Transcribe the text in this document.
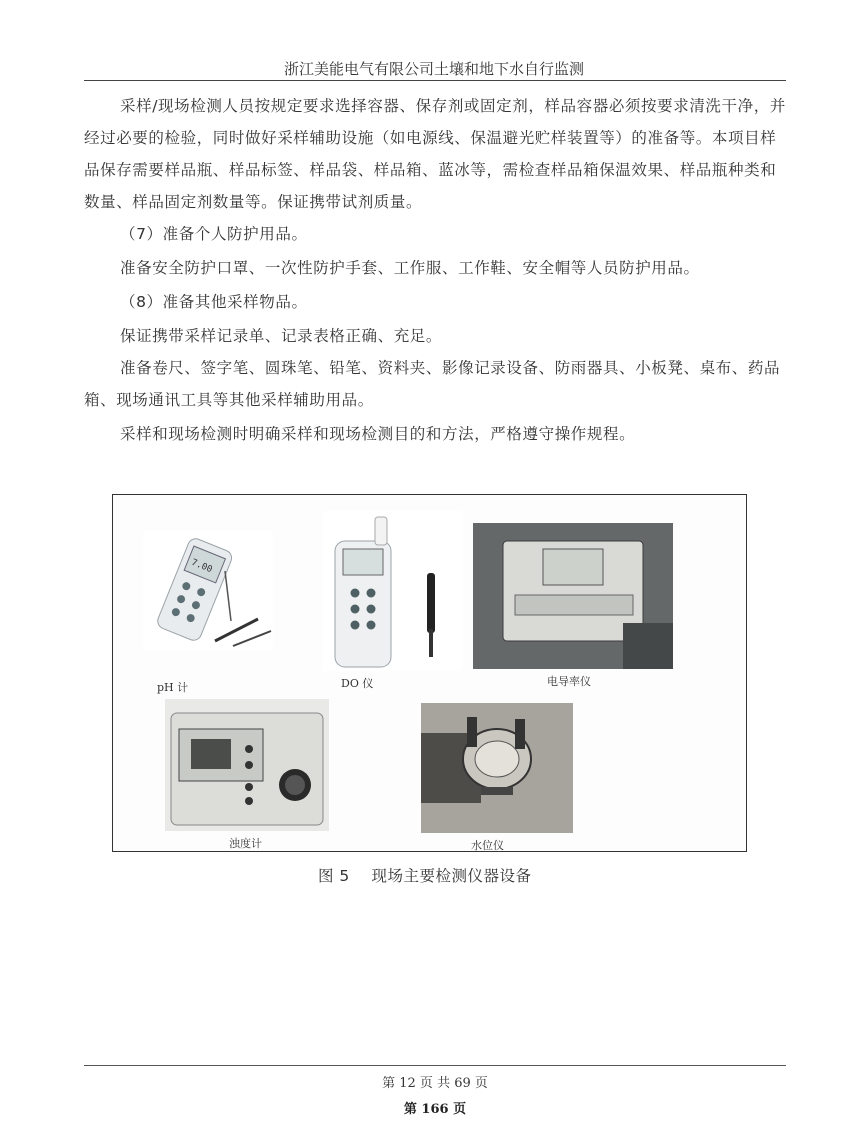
浙江美能电气有限公司土壤和地下水自行监测
采样/现场检测人员按规定要求选择容器、保存剂或固定剂，样品容器必须按要求清洗干净，并经过必要的检验，同时做好采样辅助设施（如电源线、保温避光贮样装置等）的准备等。本项目样品保存需要样品瓶、样品标签、样品袋、样品箱、蓝冰等，需检查样品箱保温效果、样品瓶种类和数量、样品固定剂数量等。保证携带试剂质量。
（7）准备个人防护用品。
准备安全防护口罩、一次性防护手套、工作服、工作鞋、安全帽等人员防护用品。
（8）准备其他采样物品。
保证携带采样记录单、记录表格正确、充足。
准备卷尺、签字笔、圆珠笔、铅笔、资料夹、影像记录设备、防雨器具、小板凳、桌布、药品箱、现场通讯工具等其他采样辅助用品。
采样和现场检测时明确采样和现场检测目的和方法，严格遵守操作规程。
7.00
pH 计	DO 仪	电导率仪
浊度计	水位仪
图 5    现场主要检测仪器设备
第 12 页 共 69 页
第 166 页
